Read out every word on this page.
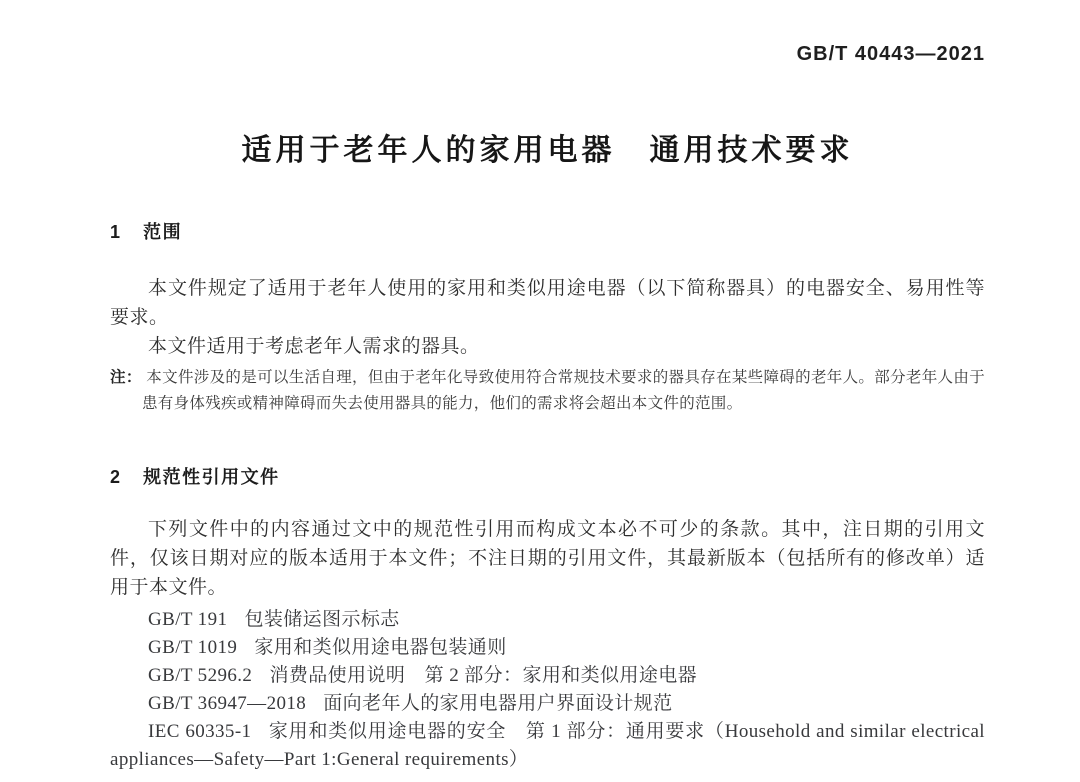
GB/T 40443—2021
适用于老年人的家用电器　通用技术要求
1 范围

本文件规定了适用于老年人使用的家用和类似用途电器（以下简称器具）的电器安全、易用性等要求。

本文件适用于考虑老年人需求的器具。

注： 本文件涉及的是可以生活自理，但由于老年化导致使用符合常规技术要求的器具存在某些障碍的老年人。部分老年人由于患有身体残疾或精神障碍而失去使用器具的能力，他们的需求将会超出本文件的范围。
2 规范性引用文件

下列文件中的内容通过文中的规范性引用而构成文本必不可少的条款。其中，注日期的引用文件，仅该日期对应的版本适用于本文件；不注日期的引用文件，其最新版本（包括所有的修改单）适用于本文件。

GB/T 191 包装储运图示标志

GB/T 1019 家用和类似用途电器包装通则

GB/T 5296.2 消费品使用说明　第 2 部分：家用和类似用途电器

GB/T 36947—2018 面向老年人的家用电器用户界面设计规范

IEC 60335-1 家用和类似用途电器的安全　第 1 部分：通用要求（Household and similar electrical appliances—Safety—Part 1:General requirements）
